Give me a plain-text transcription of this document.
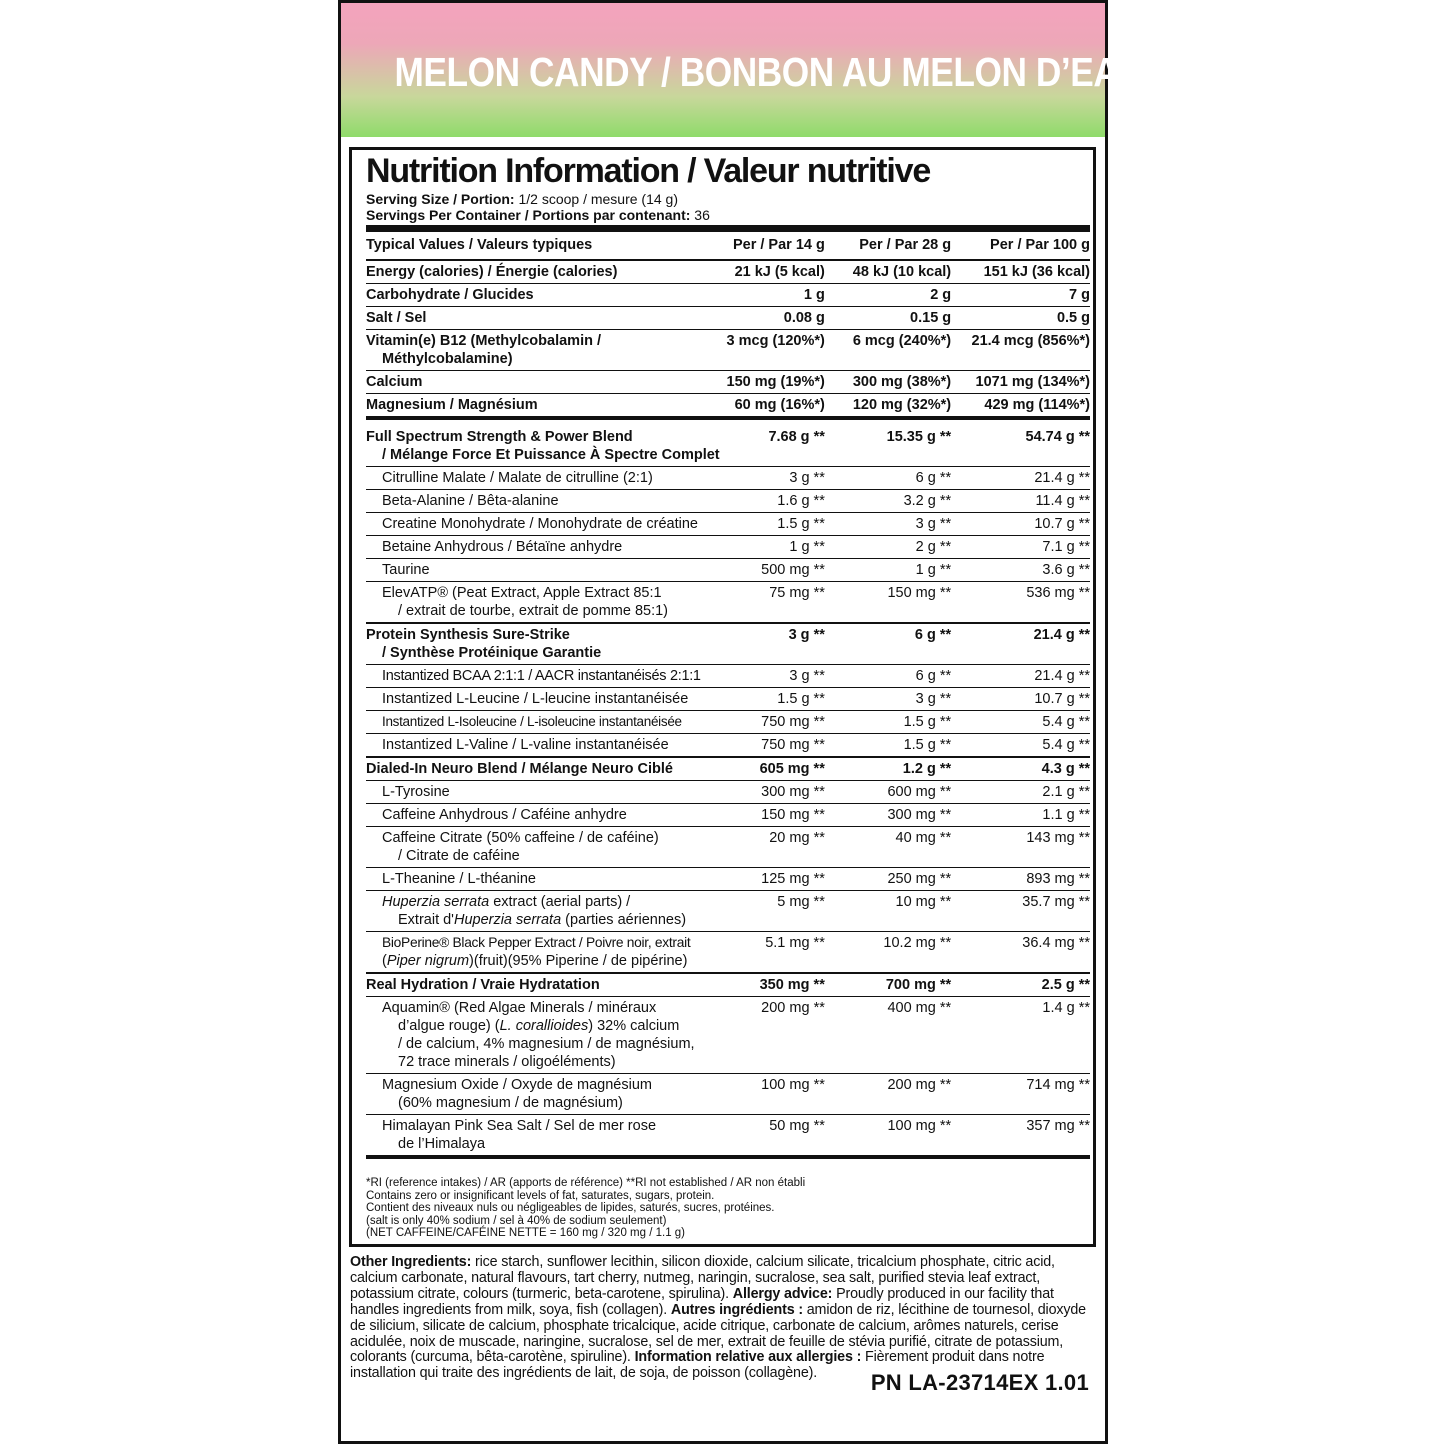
MELON CANDY / BONBON AU MELON D’EAU
Nutrition Information / Valeur nutritive
Serving Size / Portion: 1/2 scoop / mesure (14 g)
Servings Per Container / Portions par contenant: 36
Typical Values / Valeurs typiques	Per / Par 14 g	Per / Par 28 g	Per / Par 100 g
Energy (calories) / Énergie (calories)	21 kJ (5 kcal)	48 kJ (10 kcal)	151 kJ (36 kcal)
Carbohydrate / Glucides	1 g	2 g	7 g
Salt / Sel	0.08 g	0.15 g	0.5 g
Vitamin(e) B12 (Methylcobalamin /
Méthylcobalamine)	3 mcg (120%*)	6 mcg (240%*)	21.4 mcg (856%*)
Calcium	150 mg (19%*)	300 mg (38%*)	1071 mg (134%*)
Magnesium / Magnésium	60 mg (16%*)	120 mg (32%*)	429 mg (114%*)
Full Spectrum Strength & Power Blend
/ Mélange Force Et Puissance À Spectre Complet	7.68 g **	15.35 g **	54.74 g **
Citrulline Malate / Malate de citrulline (2:1)	3 g **	6 g **	21.4 g **
Beta-Alanine / Bêta-alanine	1.6 g **	3.2 g **	11.4 g **
Creatine Monohydrate / Monohydrate de créatine	1.5 g **	3 g **	10.7 g **
Betaine Anhydrous / Bétaïne anhydre	1 g **	2 g **	7.1 g **
Taurine	500 mg **	1 g **	3.6 g **
ElevATP® (Peat Extract, Apple Extract 85:1
/ extrait de tourbe, extrait de pomme 85:1)	75 mg **	150 mg **	536 mg **
Protein Synthesis Sure-Strike
/ Synthèse Protéinique Garantie	3 g **	6 g **	21.4 g **
Instantized BCAA 2:1:1 / AACR instantanéisés 2:1:1	3 g **	6 g **	21.4 g **
Instantized L-Leucine / L-leucine instantanéisée	1.5 g **	3 g **	10.7 g **
Instantized L-Isoleucine / L-isoleucine instantanéisée	750 mg **	1.5 g **	5.4 g **
Instantized L-Valine / L-valine instantanéisée	750 mg **	1.5 g **	5.4 g **
Dialed-In Neuro Blend / Mélange Neuro Ciblé	605 mg **	1.2 g **	4.3 g **
L-Tyrosine	300 mg **	600 mg **	2.1 g **
Caffeine Anhydrous / Caféine anhydre	150 mg **	300 mg **	1.1 g **
Caffeine Citrate (50% caffeine / de caféine)
/ Citrate de caféine	20 mg **	40 mg **	143 mg **
L-Theanine / L-théanine	125 mg **	250 mg **	893 mg **
Huperzia serrata extract (aerial parts) /
Extrait d'Huperzia serrata (parties aériennes)	5 mg **	10 mg **	35.7 mg **
BioPerine® Black Pepper Extract / Poivre noir, extrait
(Piper nigrum)(fruit)(95% Piperine / de pipérine)	5.1 mg **	10.2 mg **	36.4 mg **
Real Hydration / Vraie Hydratation	350 mg **	700 mg **	2.5 g **
Aquamin® (Red Algae Minerals / minéraux
d’algue rouge) (L. corallioides) 32% calcium
/ de calcium, 4% magnesium / de magnésium,
72 trace minerals / oligoéléments)	200 mg **	400 mg **	1.4 g **
Magnesium Oxide / Oxyde de magnésium
(60% magnesium / de magnésium)	100 mg **	200 mg **	714 mg **
Himalayan Pink Sea Salt / Sel de mer rose
de l’Himalaya	50 mg **	100 mg **	357 mg **
*RI (reference intakes) / AR (apports de référence) **RI not established / AR non établi
Contains zero or insignificant levels of fat, saturates, sugars, protein.
Contient des niveaux nuls ou négligeables de lipides, saturés, sucres, protéines.
(salt is only 40% sodium / sel à 40% de sodium seulement)
(NET CAFFEINE/CAFÉINE NETTE = 160 mg / 320 mg / 1.1 g)
Other Ingredients: rice starch, sunflower lecithin, silicon dioxide, calcium silicate, tricalcium phosphate, citric acid, calcium carbonate, natural flavours, tart cherry, nutmeg, naringin, sucralose, sea salt, purified stevia leaf extract, potassium citrate, colours (turmeric, beta-carotene, spirulina). Allergy advice: Proudly produced in our facility that handles ingredients from milk, soya, fish (collagen). Autres ingrédients : amidon de riz, lécithine de tournesol, dioxyde de silicium, silicate de calcium, phosphate tricalcique, acide citrique, carbonate de calcium, arômes naturels, cerise acidulée, noix de muscade, naringine, sucralose, sel de mer, extrait de feuille de stévia purifié, citrate de potassium, colorants (curcuma, bêta-carotène, spiruline). Information relative aux allergies : Fièrement produit dans notre installation qui traite des ingrédients de lait, de soja, de poisson (collagène).	PN LA-23714EX 1.01
